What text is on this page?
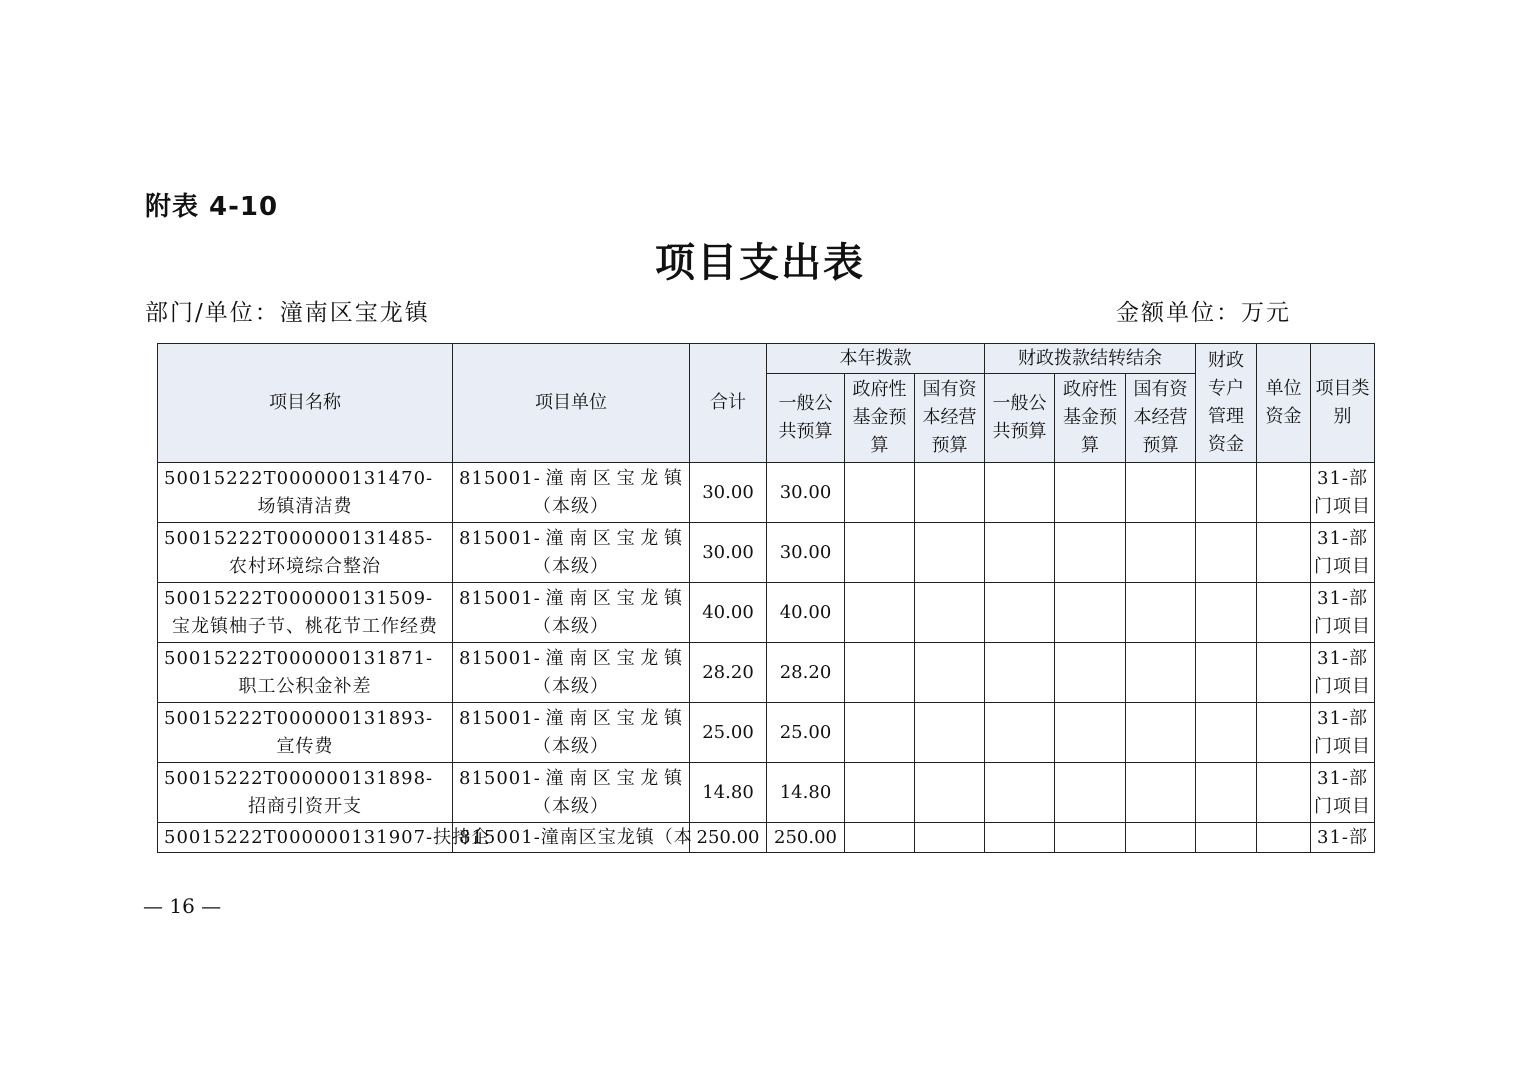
附表 4-10
项目支出表
部门/单位：潼南区宝龙镇	金额单位：万元
项目名称	项目单位	合计	本年拨款			财政拨款结转结余			财政专户管理资金	单位资金	项目类别
			一般公共预算	政府性基金预算	国有资本经营预算	一般公共预算	政府性基金预算	国有资本经营预算			
50015222T000000131470-场镇清洁费	815001-潼南区宝龙镇（本级）	30.00	30.00								31-部门项目
50015222T000000131485-农村环境综合整治	815001-潼南区宝龙镇（本级）	30.00	30.00								31-部门项目
50015222T000000131509-宝龙镇柚子节、桃花节工作经费	815001-潼南区宝龙镇（本级）	40.00	40.00								31-部门项目
50015222T000000131871-职工公积金补差	815001-潼南区宝龙镇（本级）	28.20	28.20								31-部门项目
50015222T000000131893-宣传费	815001-潼南区宝龙镇（本级）	25.00	25.00								31-部门项目
50015222T000000131898-招商引资开支	815001-潼南区宝龙镇（本级）	14.80	14.80								31-部门项目
50015222T000000131907-扶持企	815001-潼南区宝龙镇（本	250.00	250.00								31-部
— 16 —
